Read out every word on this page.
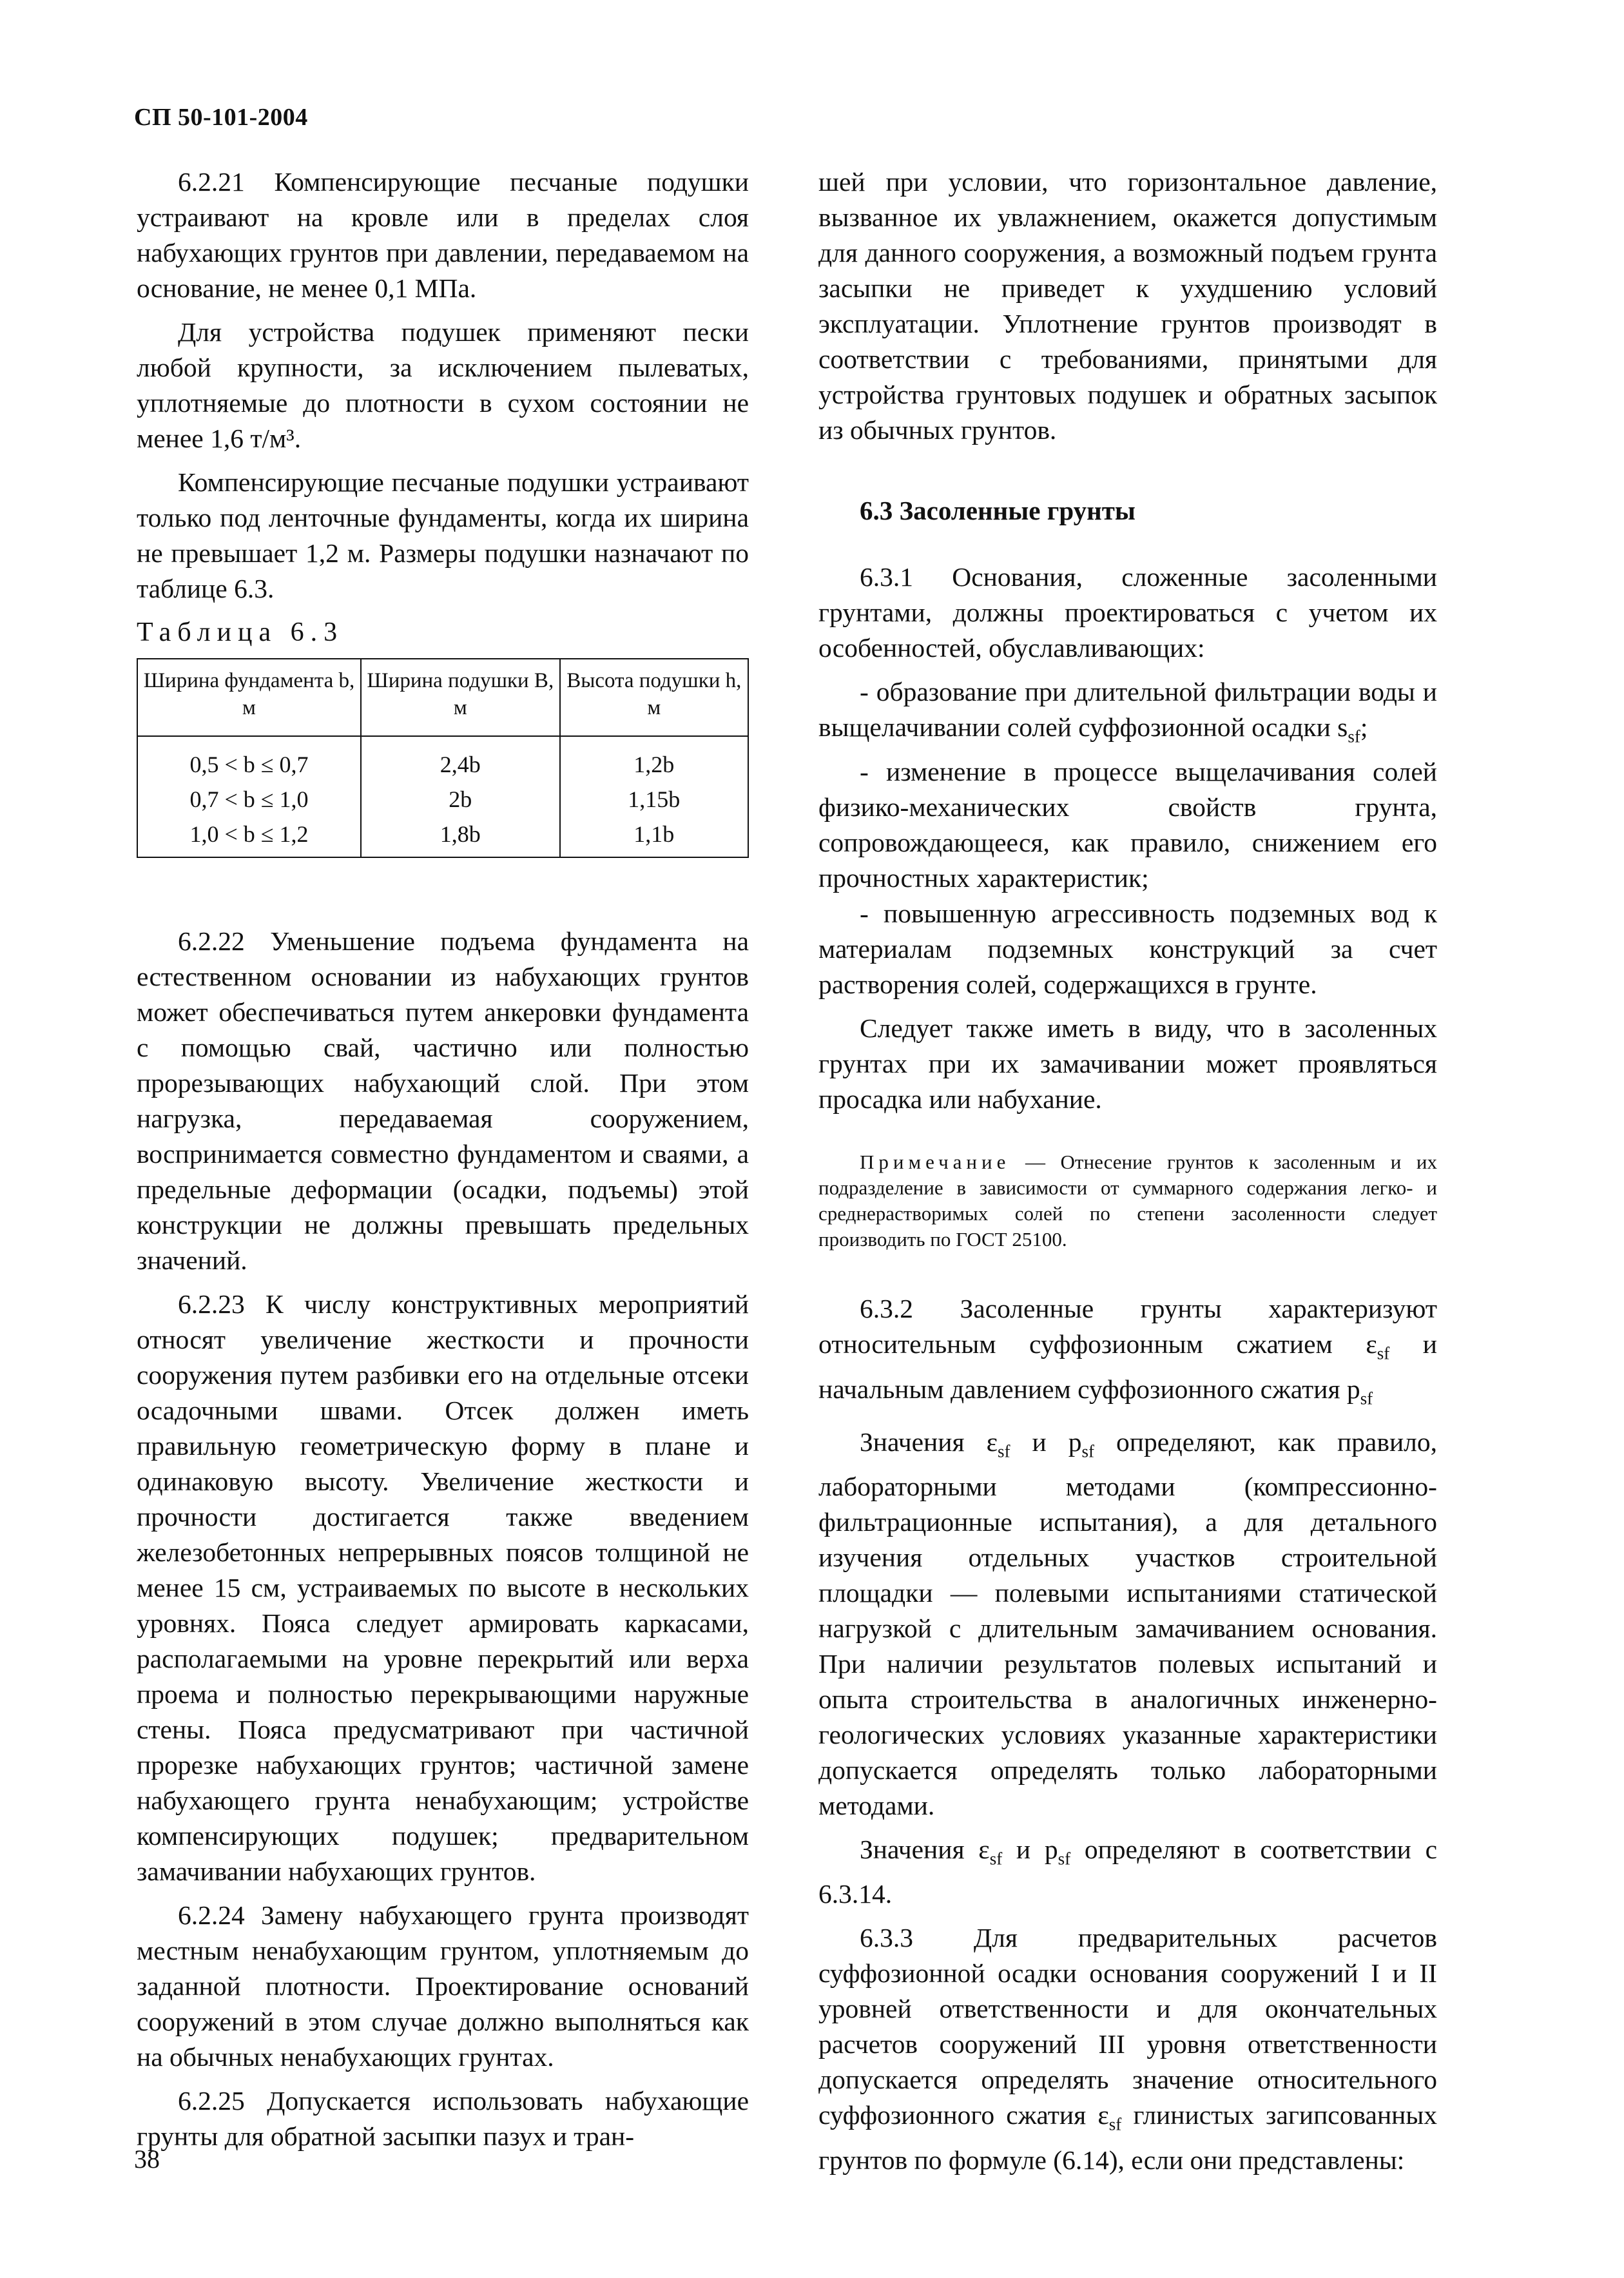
СП 50-101-2004

6.2.21 Компенсирующие песчаные подушки устраивают на кровле или в пределах слоя набухающих грунтов при давлении, передаваемом на основание, не менее 0,1 МПа.

Для устройства подушек применяют пески любой крупности, за исключением пылеватых, уплотняемые до плотности в сухом состоянии не менее 1,6 т/м³.

Компенсирующие песчаные подушки устраивают только под ленточные фундаменты, когда их ширина не превышает 1,2 м. Размеры подушки назначают по таблице 6.3.

Таблица 6.3

Ширина фундамента b, м	Ширина подушки B, м	Высота подушки h, м
0,5 < b ≤ 0,7	2,4b	1,2b
0,7 < b ≤ 1,0	2b	1,15b
1,0 < b ≤ 1,2	1,8b	1,1b

6.2.22 Уменьшение подъема фундамента на естественном основании из набухающих грунтов может обеспечиваться путем анкеровки фундамента с помощью свай, частично или полностью прорезывающих набухающий слой. При этом нагрузка, передаваемая сооружением, воспринимается совместно фундаментом и сваями, а предельные деформации (осадки, подъемы) этой конструкции не должны превышать предельных значений.

6.2.23 К числу конструктивных мероприятий относят увеличение жесткости и прочности сооружения путем разбивки его на отдельные отсеки осадочными швами. Отсек должен иметь правильную геометрическую форму в плане и одинаковую высоту. Увеличение жесткости и прочности достигается также введением железобетонных непрерывных поясов толщиной не менее 15 см, устраиваемых по высоте в нескольких уровнях. Пояса следует армировать каркасами, располагаемыми на уровне перекрытий или верха проема и полностью перекрывающими наружные стены. Пояса предусматривают при частичной прорезке набухающих грунтов; частичной замене набухающего грунта ненабухающим; устройстве компенсирующих подушек; предварительном замачивании набухающих грунтов.

6.2.24 Замену набухающего грунта производят местным ненабухающим грунтом, уплотняемым до заданной плотности. Проектирование оснований сооружений в этом случае должно выполняться как на обычных ненабухающих грунтах.

6.2.25 Допускается использовать набухающие грунты для обратной засыпки пазух и тран-

шей при условии, что горизонтальное давление, вызванное их увлажнением, окажется допустимым для данного сооружения, а возможный подъем грунта засыпки не приведет к ухудшению условий эксплуатации. Уплотнение грунтов производят в соответствии с требованиями, принятыми для устройства грунтовых подушек и обратных засыпок из обычных грунтов.

6.3 Засоленные грунты

6.3.1 Основания, сложенные засоленными грунтами, должны проектироваться с учетом их особенностей, обуславливающих:

- образование при длительной фильтрации воды и выщелачивании солей суффозионной осадки $s_{sf}$;

- изменение в процессе выщелачивания солей физико-механических свойств грунта, сопровождающееся, как правило, снижением его прочностных характеристик;

- повышенную агрессивность подземных вод к материалам подземных конструкций за счет растворения солей, содержащихся в грунте.

Следует также иметь в виду, что в засоленных грунтах при их замачивании может проявляться просадка или набухание.

Примечание — Отнесение грунтов к засоленным и их подразделение в зависимости от суммарного содержания легко- и среднерастворимых солей по степени засоленности следует производить по ГОСТ 25100.

6.3.2 Засоленные грунты характеризуют относительным суффозионным сжатием $\varepsilon_{sf}$ и начальным давлением суффозионного сжатия $p_{sf}$

Значения $\varepsilon_{sf}$ и $p_{sf}$ определяют, как правило, лабораторными методами (компрессионно-фильтрационные испытания), а для детального изучения отдельных участков строительной площадки — полевыми испытаниями статической нагрузкой с длительным замачиванием основания. При наличии результатов полевых испытаний и опыта строительства в аналогичных инженерно-геологических условиях указанные характеристики допускается определять только лабораторными методами.

Значения $\varepsilon_{sf}$ и $p_{sf}$ определяют в соответствии с 6.3.14.

6.3.3 Для предварительных расчетов суффозионной осадки основания сооружений I и II уровней ответственности и для окончательных расчетов сооружений III уровня ответственности допускается определять значение относительного суффозионного сжатия $\varepsilon_{sf}$ глинистых загипсованных грунтов по формуле (6.14), если они представлены:

38
